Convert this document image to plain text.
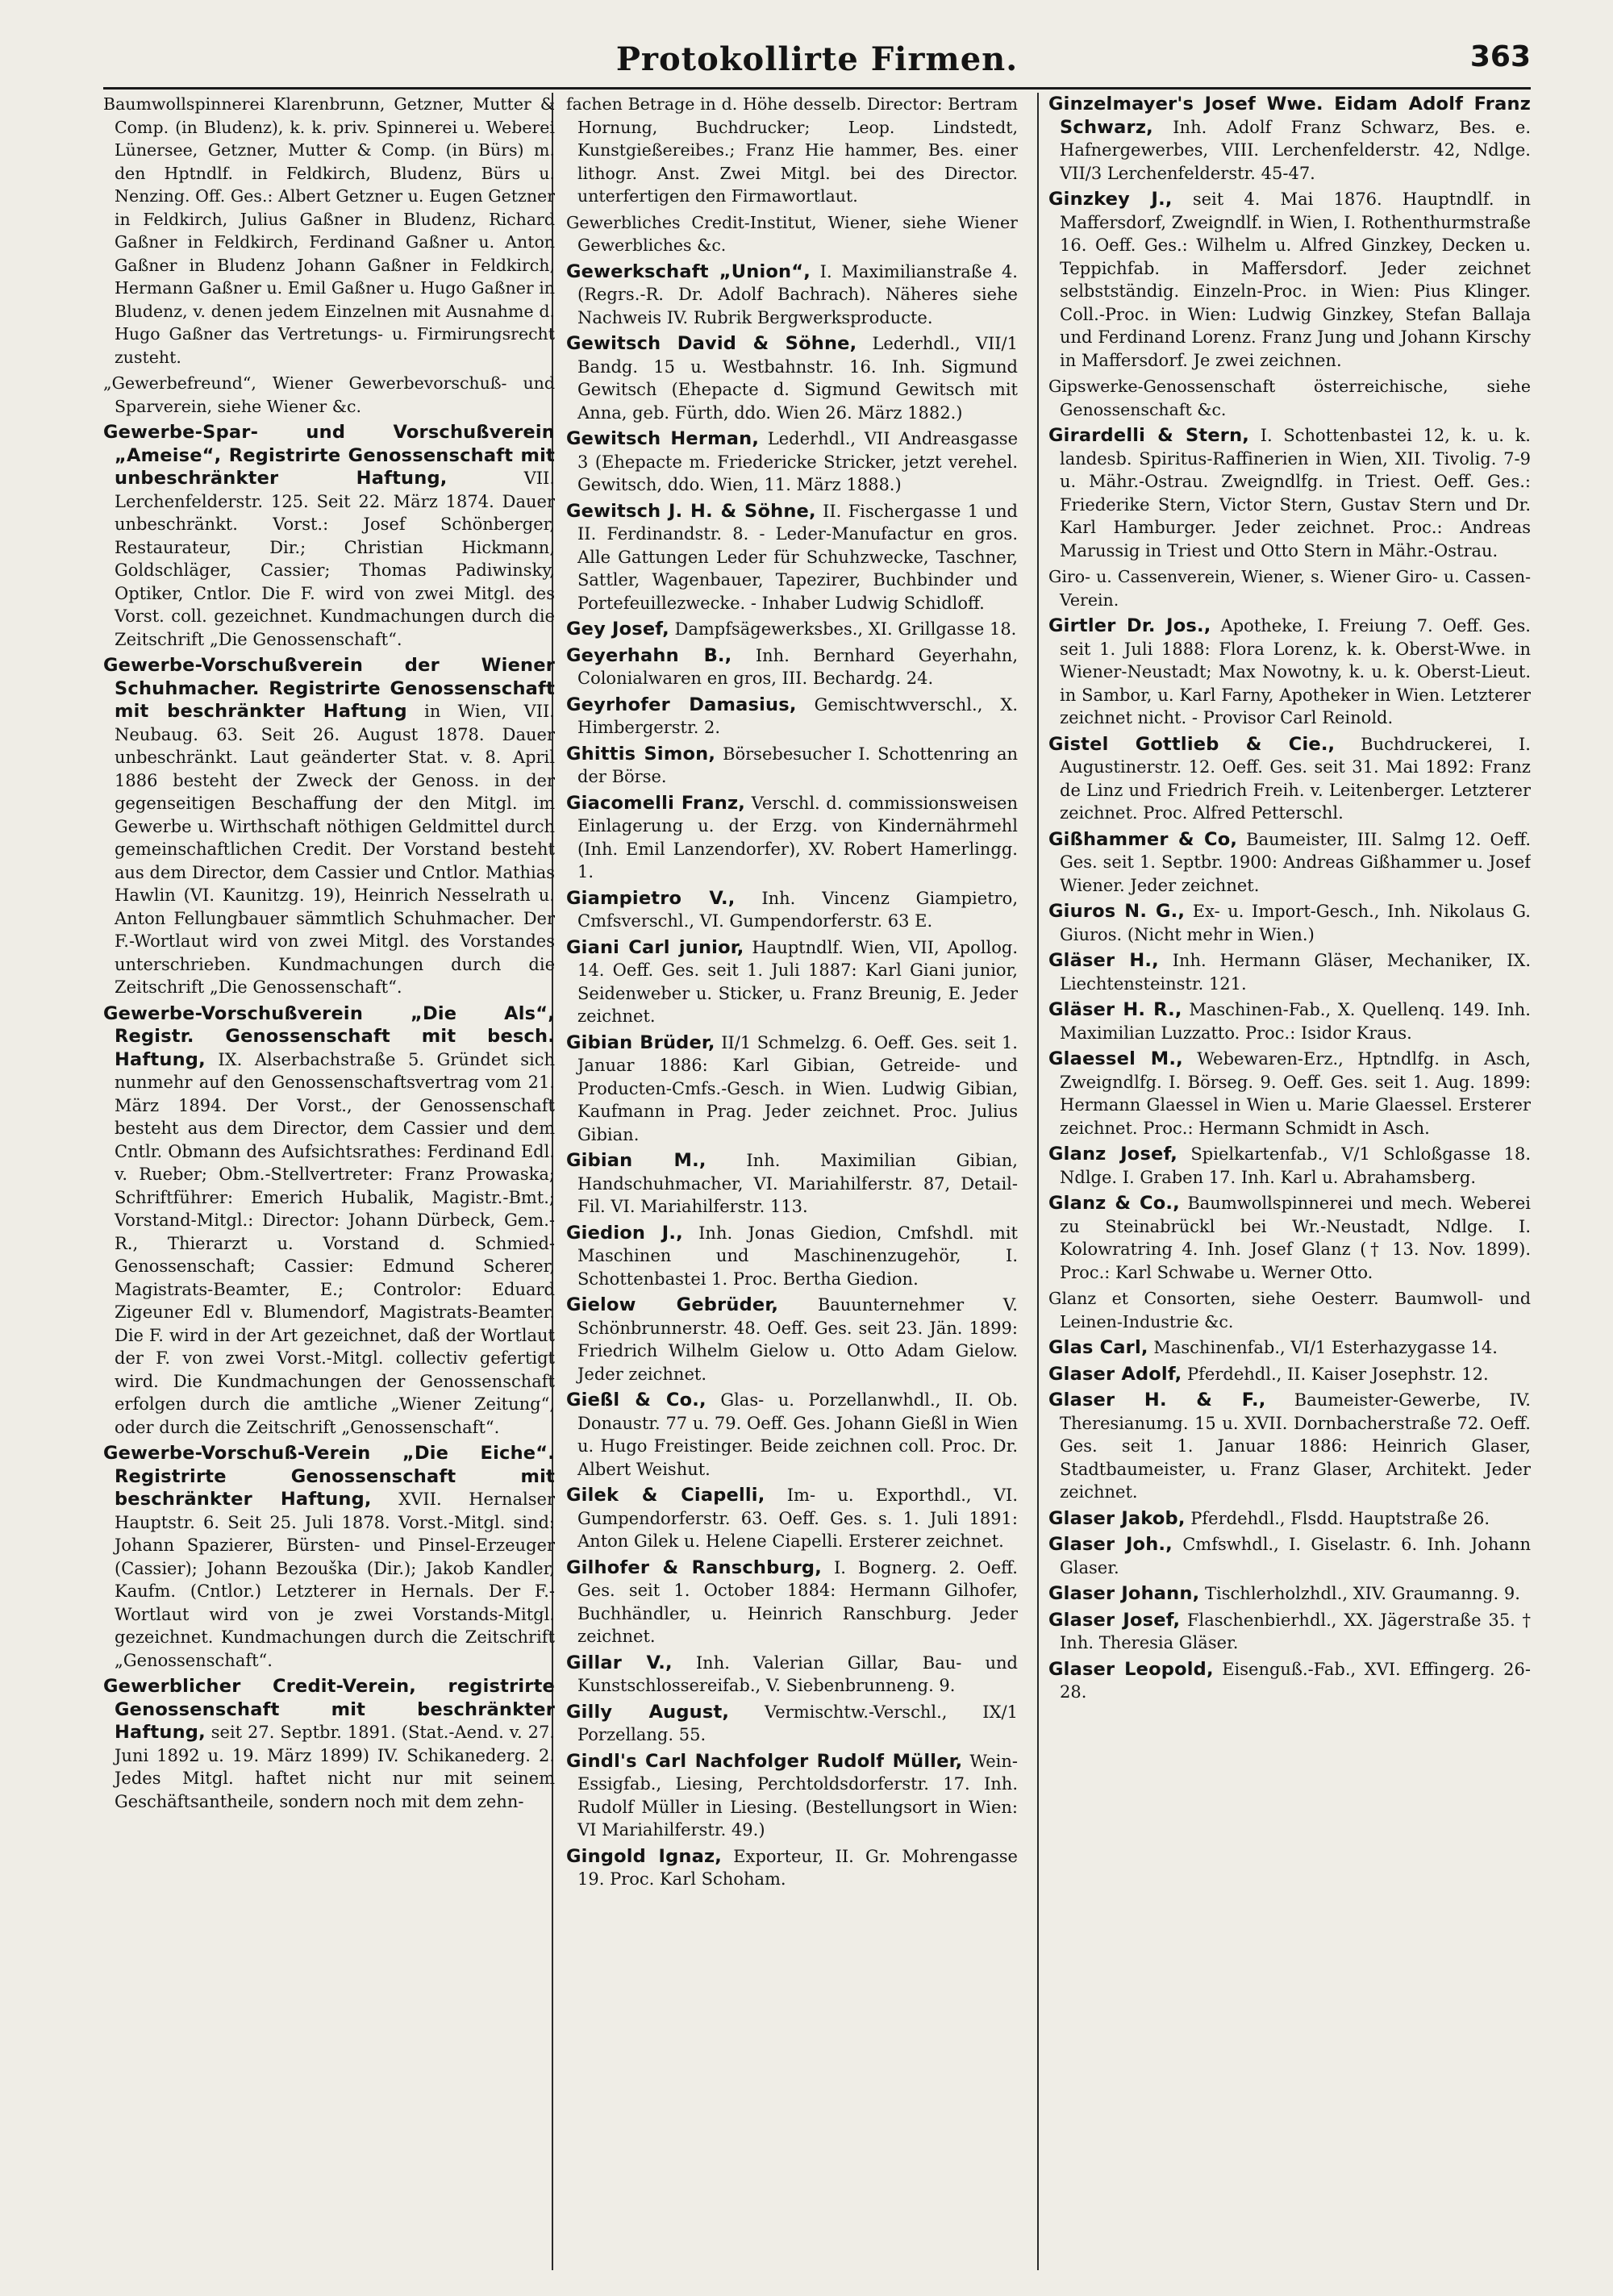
Protokollirte Firmen.	363

Baumwollspinnerei Klarenbrunn, Getzner, Mutter & Comp. (in Bludenz), k. k. priv. Spinnerei u. Weberei Lünersee, Getzner, Mutter & Comp. (in Bürs) m. den Hptndlf. in Feldkirch, Bludenz, Bürs u. Nenzing. Off. Ges.: Albert Getzner u. Eugen Getzner in Feldkirch, Julius Gaßner in Bludenz, Richard Gaßner in Feldkirch, Ferdinand Gaßner u. Anton Gaßner in Bludenz Johann Gaßner in Feldkirch, Hermann Gaßner u. Emil Gaßner u. Hugo Gaßner in Bludenz, v. denen jedem Einzelnen mit Ausnahme d. Hugo Gaßner das Vertretungs- u. Firmirungsrecht zusteht.

„Gewerbefreund“, Wiener Gewerbevorschuß- und Sparverein, siehe Wiener &c.

Gewerbe-Spar- und Vorschußverein „Ameise“, Registrirte Genossenschaft mit unbeschränkter Haftung,	VII. Lerchenfelderstr. 125. Seit 22. März 1874. Dauer unbeschränkt. Vorst.: Josef Schönberger, Restaurateur, Dir.; Christian Hickmann, Goldschläger, Cassier; Thomas Padiwinsky, Optiker, Cntlor. Die F. wird von zwei Mitgl. des Vorst. coll. gezeichnet. Kundmachungen durch die Zeitschrift „Die Genossenschaft“.

Gewerbe-Vorschußverein der Wiener Schuhmacher. Registrirte Genossenschaft mit beschränkter Haftung in Wien, VII. Neubaug. 63. Seit 26. August 1878. Dauer unbeschränkt. Laut geänderter Stat. v. 8. April 1886 besteht der Zweck der Genoss. in der gegenseitigen Beschaffung der den Mitgl. im Gewerbe u. Wirthschaft nöthigen Geldmittel durch gemeinschaftlichen Credit. Der Vorstand besteht aus dem Director, dem Cassier und Cntlor. Mathias Hawlin (VI. Kaunitzg. 19), Heinrich Nesselrath u. Anton Fellungbauer sämmtlich Schuhmacher. Der F.-Wortlaut wird von zwei Mitgl. des Vorstandes unterschrieben. Kundmachungen durch die Zeitschrift „Die Genossenschaft“.

Gewerbe-Vorschußverein „Die Als“, Registr. Genossenschaft mit besch. Haftung, IX. Alserbachstraße 5. Gründet sich nunmehr auf den Genossenschaftsvertrag vom 21. März 1894. Der Vorst., der Genossenschaft besteht aus dem Director, dem Cassier und dem Cntlr. Obmann des Aufsichtsrathes: Ferdinand Edl. v. Rueber; Obm.-Stellvertreter: Franz Prowaska; Schriftführer: Emerich Hubalik, Magistr.-Bmt.; Vorstand-Mitgl.: Director: Johann Dürbeck, Gem.-R., Thierarzt u. Vorstand d. Schmied-Genossenschaft; Cassier: Edmund Scherer, Magistrats-Beamter, E.; Controlor: Eduard Zigeuner Edl v. Blumendorf, Magistrats-Beamter. Die F. wird in der Art gezeichnet, daß der Wortlaut der F. von zwei Vorst.-Mitgl. collectiv gefertigt wird. Die Kundmachungen der Genossenschaft erfolgen durch die amtliche „Wiener Zeitung“, oder durch die Zeitschrift „Genossenschaft“.

Gewerbe-Vorschuß-Verein „Die Eiche“. Registrirte Genossenschaft mit beschränkter Haftung, XVII. Hernalser Hauptstr. 6. Seit 25. Juli 1878. Vorst.-Mitgl. sind: Johann Spazierer, Bürsten- und Pinsel-Erzeuger (Cassier); Johann Bezouška (Dir.); Jakob Kandler, Kaufm. (Cntlor.) Letzterer in Hernals. Der F.-Wortlaut wird von je zwei Vorstands-Mitgl. gezeichnet. Kundmachungen durch die Zeitschrift „Genossenschaft“.

Gewerblicher Credit-Verein, registrirte Genossenschaft mit beschränkter Haftung, seit 27. Septbr. 1891. (Stat.-Aend. v. 27. Juni 1892 u. 19. März 1899) IV. Schikanederg. 2. Jedes Mitgl. haftet nicht nur mit seinem Geschäftsantheile, sondern noch mit dem zehn-

fachen Betrage in d. Höhe desselb. Director: Bertram Hornung, Buchdrucker; Leop. Lindstedt, Kunstgießereibes.; Franz Hie hammer, Bes. einer lithogr. Anst. Zwei Mitgl. bei des Director. unterfertigen den Firmawortlaut.

Gewerbliches Credit-Institut, Wiener, siehe Wiener Gewerbliches &c.

Gewerkschaft „Union“, I. Maximilianstraße 4. (Regrs.-R. Dr. Adolf Bachrach). Näheres siehe Nachweis IV. Rubrik Bergwerksproducte.

Gewitsch David & Söhne, Lederhdl., VII/1 Bandg. 15 u. Westbahnstr. 16. Inh. Sigmund Gewitsch (Ehepacte d. Sigmund Gewitsch mit Anna, geb. Fürth, ddo. Wien 26. März 1882.)

Gewitsch Herman, Lederhdl., VII Andreasgasse 3 (Ehepacte m. Friedericke Stricker, jetzt verehel. Gewitsch, ddo. Wien, 11. März 1888.)

Gewitsch J. H. & Söhne, II. Fischergasse 1 und II. Ferdinandstr. 8. - Leder-Manufactur en gros. Alle Gattungen Leder für Schuhzwecke, Taschner, Sattler, Wagenbauer, Tapezirer, Buchbinder und Portefeuillezwecke. - Inhaber Ludwig Schidloff.

Gey Josef, Dampfsägewerksbes., XI. Grillgasse 18.

Geyerhahn B., Inh. Bernhard Geyerhahn, Colonialwaren en gros, III. Bechardg. 24.

Geyrhofer Damasius, Gemischtwverschl., X. Himbergerstr. 2.

Ghittis Simon, Börsebesucher I. Schottenring an der Börse.

Giacomelli Franz, Verschl. d. commissionsweisen Einlagerung u. der Erzg. von Kindernährmehl (Inh. Emil Lanzendorfer), XV. Robert Hamerlingg. 1.

Giampietro V., Inh. Vincenz Giampietro, Cmfsverschl., VI. Gumpendorferstr. 63 E.

Giani Carl junior, Hauptndlf. Wien, VII, Apollog. 14. Oeff. Ges. seit 1. Juli 1887: Karl Giani junior, Seidenweber u. Sticker, u. Franz Breunig, E. Jeder zeichnet.

Gibian Brüder, II/1 Schmelzg. 6. Oeff. Ges. seit 1. Januar 1886: Karl Gibian, Getreide- und Producten-Cmfs.-Gesch. in Wien. Ludwig Gibian, Kaufmann in Prag. Jeder zeichnet. Proc. Julius Gibian.

Gibian M., Inh. Maximilian Gibian, Handschuhmacher, VI. Mariahilferstr. 87, Detail-Fil. VI. Mariahilferstr. 113.

Giedion J., Inh. Jonas Giedion, Cmfshdl. mit Maschinen und Maschinenzugehör, I. Schottenbastei 1. Proc. Bertha Giedion.

Gielow Gebrüder, Bauunternehmer V. Schönbrunnerstr. 48. Oeff. Ges. seit 23. Jän. 1899: Friedrich Wilhelm Gielow u. Otto Adam Gielow. Jeder zeichnet.

Gießl & Co., Glas- u. Porzellanwhdl., II. Ob. Donaustr. 77 u. 79. Oeff. Ges. Johann Gießl in Wien u. Hugo Freistinger. Beide zeichnen coll. Proc. Dr. Albert Weishut.

Gilek & Ciapelli, Im- u. Exporthdl., VI. Gumpendorferstr. 63. Oeff. Ges. s. 1. Juli 1891: Anton Gilek u. Helene Ciapelli. Ersterer zeichnet.

Gilhofer & Ranschburg, I. Bognerg. 2. Oeff. Ges. seit 1. October 1884: Hermann Gilhofer, Buchhändler, u. Heinrich Ranschburg. Jeder zeichnet.

Gillar V., Inh. Valerian Gillar, Bau- und Kunstschlossereifab., V. Siebenbrunneng. 9.

Gilly August, Vermischtw.-Verschl., IX/1 Porzellang. 55.

Gindl's Carl Nachfolger Rudolf Müller, Wein-Essigfab., Liesing, Perchtoldsdorferstr. 17. Inh. Rudolf Müller in Liesing. (Bestellungsort in Wien: VI Mariahilferstr. 49.)

Gingold Ignaz, Exporteur, II. Gr. Mohrengasse 19. Proc. Karl Schoham.

Ginzelmayer's Josef Wwe. Eidam Adolf Franz Schwarz, Inh. Adolf Franz Schwarz, Bes. e. Hafnergewerbes, VIII. Lerchenfelderstr. 42, Ndlge. VII/3 Lerchenfelderstr. 45-47.

Ginzkey J., seit 4. Mai 1876. Hauptndlf. in Maffersdorf, Zweigndlf. in Wien, I. Rothenthurmstraße 16. Oeff. Ges.: Wilhelm u. Alfred Ginzkey, Decken u. Teppichfab. in Maffersdorf. Jeder zeichnet selbstständig. Einzeln-Proc. in Wien: Pius Klinger. Coll.-Proc. in Wien: Ludwig Ginzkey, Stefan Ballaja und Ferdinand Lorenz. Franz Jung und Johann Kirschy in Maffersdorf. Je zwei zeichnen.

Gipswerke-Genossenschaft österreichische, siehe Genossenschaft &c.

Girardelli & Stern, I. Schottenbastei 12, k. u. k. landesb. Spiritus-Raffinerien in Wien, XII. Tivolig. 7-9 u. Mähr.-Ostrau. Zweigndlfg. in Triest. Oeff. Ges.: Friederike Stern, Victor Stern, Gustav Stern und Dr. Karl Hamburger. Jeder zeichnet. Proc.: Andreas Marussig in Triest und Otto Stern in Mähr.-Ostrau.

Giro- u. Cassenverein, Wiener, s. Wiener Giro- u. Cassen-Verein.

Girtler Dr. Jos., Apotheke, I. Freiung 7. Oeff. Ges. seit 1. Juli 1888: Flora Lorenz, k. k. Oberst-Wwe. in Wiener-Neustadt; Max Nowotny, k. u. k. Oberst-Lieut. in Sambor, u. Karl Farny, Apotheker in Wien. Letzterer zeichnet nicht. - Provisor Carl Reinold.

Gistel Gottlieb & Cie., Buchdruckerei, I. Augustinerstr. 12. Oeff. Ges. seit 31. Mai 1892: Franz de Linz und Friedrich Freih. v. Leitenberger. Letzterer zeichnet. Proc. Alfred Petterschl.

Gißhammer & Co, Baumeister, III. Salmg 12. Oeff. Ges. seit 1. Septbr. 1900: Andreas Gißhammer u. Josef Wiener. Jeder zeichnet.

Giuros N. G., Ex- u. Import-Gesch., Inh. Nikolaus G. Giuros. (Nicht mehr in Wien.)

Gläser H., Inh. Hermann Gläser, Mechaniker, IX. Liechtensteinstr. 121.

Gläser H. R., Maschinen-Fab., X. Quellenq. 149. Inh. Maximilian Luzzatto. Proc.: Isidor Kraus.

Glaessel M., Webewaren-Erz., Hptndlfg. in Asch, Zweigndlfg. I. Börseg. 9. Oeff. Ges. seit 1. Aug. 1899: Hermann Glaessel in Wien u. Marie Glaessel. Ersterer zeichnet. Proc.: Hermann Schmidt in Asch.

Glanz Josef, Spielkartenfab., V/1 Schloßgasse 18. Ndlge. I. Graben 17. Inh. Karl u. Abrahamsberg.

Glanz & Co., Baumwollspinnerei und mech. Weberei zu Steinabrückl bei Wr.-Neustadt, Ndlge. I. Kolowratring 4. Inh. Josef Glanz († 13. Nov. 1899). Proc.: Karl Schwabe u. Werner Otto.

Glanz et Consorten, siehe Oesterr. Baumwoll- und Leinen-Industrie &c.

Glas Carl, Maschinenfab., VI/1 Esterhazygasse 14.

Glaser Adolf, Pferdehdl., II. Kaiser Josephstr. 12.

Glaser H. & F., Baumeister-Gewerbe, IV. Theresianumg. 15 u. XVII. Dornbacherstraße 72. Oeff. Ges. seit 1. Januar 1886: Heinrich Glaser, Stadtbaumeister, u. Franz Glaser, Architekt. Jeder zeichnet.

Glaser Jakob, Pferdehdl., Flsdd. Hauptstraße 26.

Glaser Joh., Cmfswhdl., I. Giselastr. 6. Inh. Johann Glaser.

Glaser Johann, Tischlerholzhdl., XIV. Graumanng. 9.

Glaser Josef, Flaschenbierhdl., XX. Jägerstraße 35. † Inh. Theresia Gläser.

Glaser Leopold, Eisenguß.-Fab., XVI. Effingerg. 26-28.
